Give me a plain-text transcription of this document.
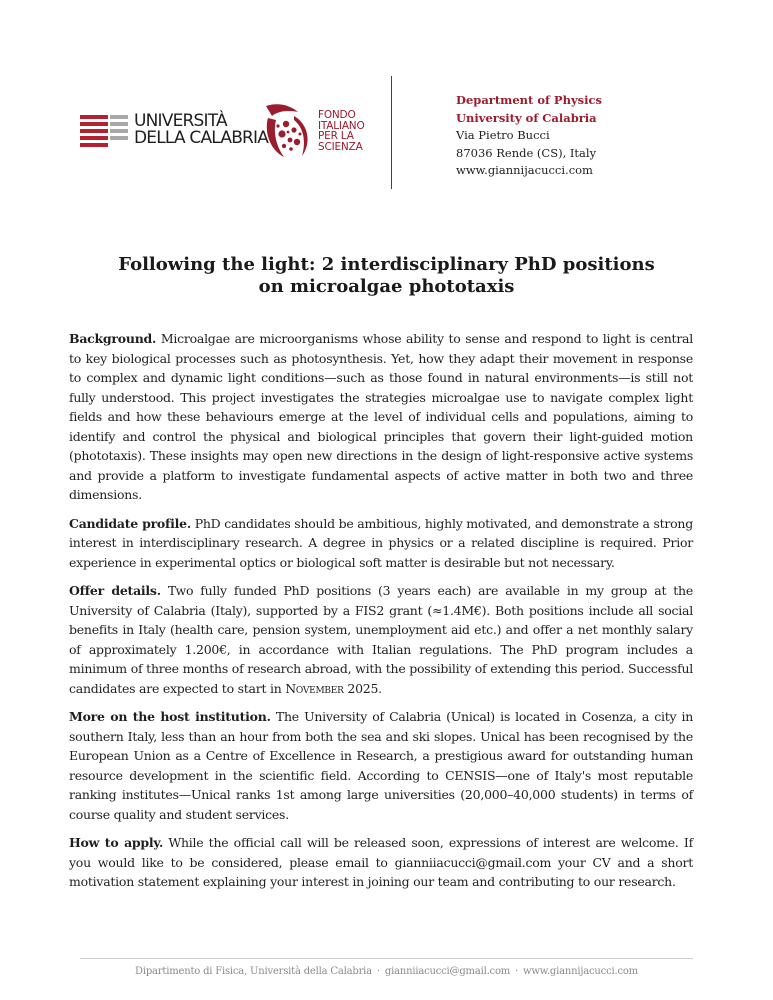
UNIVERSITÀ
DELLA CALABRIA
FONDO
ITALIANO
PER LA
SCIENZA
Department of Physics
University of Calabria
Via Pietro Bucci
87036 Rende (CS), Italy
www.giannijacucci.com
Following the light: 2 interdisciplinary PhD positions
on microalgae phototaxis

Background. Microalgae are microorganisms whose ability to sense and respond to light is central to key biological processes such as photosynthesis. Yet, how they adapt their movement in response to complex and dynamic light conditions—such as those found in natural environments—is still not fully understood. This project investigates the strategies microalgae use to navigate complex light fields and how these behaviours emerge at the level of individual cells and populations, aiming to identify and control the physical and biological principles that govern their light-guided motion (phototaxis). These insights may open new directions in the design of light-responsive active systems and provide a platform to investigate fundamental aspects of active matter in both two and three dimensions.

Candidate profile. PhD candidates should be ambitious, highly motivated, and demonstrate a strong interest in interdisciplinary research. A degree in physics or a related discipline is required. Prior experience in experimental optics or biological soft matter is desirable but not necessary.

Offer details. Two fully funded PhD positions (3 years each) are available in my group at the University of Calabria (Italy), supported by a FIS2 grant (≈1.4M€). Both positions include all social benefits in Italy (health care, pension system, unemployment aid etc.) and offer a net monthly salary of approximately 1.200€, in accordance with Italian regulations. The PhD program includes a minimum of three months of research abroad, with the possibility of extending this period. Successful candidates are expected to start in November 2025.

More on the host institution. The University of Calabria (Unical) is located in Cosenza, a city in southern Italy, less than an hour from both the sea and ski slopes. Unical has been recognised by the European Union as a Centre of Excellence in Research, a prestigious award for outstanding human resource development in the scientific field. According to CENSIS—one of Italy's most reputable ranking institutes—Unical ranks 1st among large universities (20,000–40,000 students) in terms of course quality and student services.

How to apply. While the official call will be released soon, expressions of interest are welcome. If you would like to be considered, please email to gianniiacucci@gmail.com your CV and a short motivation statement explaining your interest in joining our team and contributing to our research.

Dipartimento di Fisica, Università della Calabria · gianniiacucci@gmail.com · www.giannijacucci.com
